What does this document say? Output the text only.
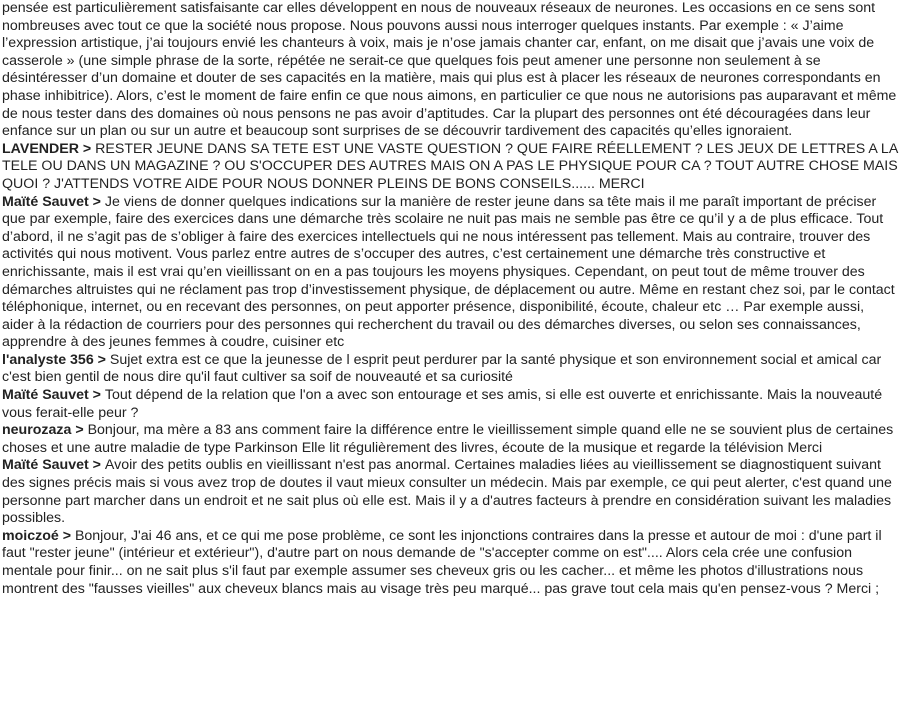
pensée est particulièrement satisfaisante car elles développent en nous de nouveaux réseaux de neurones. Les occasions en ce sens sont nombreuses avec tout ce que la société nous propose. Nous pouvons aussi nous interroger quelques instants. Par exemple : « J’aime l’expression artistique, j’ai toujours envié les chanteurs à voix, mais je n’ose jamais chanter car, enfant, on me disait que j’avais une voix de casserole » (une simple phrase de la sorte, répétée ne serait-ce que quelques fois peut amener une personne non seulement à se désintéresser d’un domaine et douter de ses capacités en la matière, mais qui plus est à placer les réseaux de neurones correspondants en phase inhibitrice). Alors, c’est le moment de faire enfin ce que nous aimons, en particulier ce que nous ne autorisions pas auparavant et même de nous tester dans des domaines où nous pensons ne pas avoir d’aptitudes. Car la plupart des personnes ont été découragées dans leur enfance sur un plan ou sur un autre et beaucoup sont surprises de se découvrir tardivement des capacités qu’elles ignoraient.

LAVENDER > RESTER JEUNE DANS SA TETE EST UNE VASTE QUESTION ? QUE FAIRE RÉELLEMENT ? LES JEUX DE LETTRES A LA TELE OU DANS UN MAGAZINE ? OU S'OCCUPER DES AUTRES MAIS ON A PAS LE PHYSIQUE POUR CA ? TOUT AUTRE CHOSE MAIS QUOI ? J'ATTENDS VOTRE AIDE POUR NOUS DONNER PLEINS DE BONS CONSEILS...... MERCI

Maïté Sauvet > Je viens de donner quelques indications sur la manière de rester jeune dans sa tête mais il me paraît important de préciser que par exemple, faire des exercices dans une démarche très scolaire ne nuit pas mais ne semble pas être ce qu’il y a de plus efficace. Tout d’abord, il ne s’agit pas de s’obliger à faire des exercices intellectuels qui ne nous intéressent pas tellement. Mais au contraire, trouver des activités qui nous motivent. Vous parlez entre autres de s’occuper des autres, c’est certainement une démarche très constructive et enrichissante, mais il est vrai qu’en vieillissant on en a pas toujours les moyens physiques. Cependant, on peut tout de même trouver des démarches altruistes qui ne réclament pas trop d’investissement physique, de déplacement ou autre. Même en restant chez soi, par le contact téléphonique, internet, ou en recevant des personnes, on peut apporter présence, disponibilité, écoute, chaleur etc … Par exemple aussi, aider à la rédaction de courriers pour des personnes qui recherchent du travail ou des démarches diverses, ou selon ses connaissances, apprendre à des jeunes femmes à coudre, cuisiner etc

l'analyste 356 > Sujet extra est ce que la jeunesse de l esprit peut perdurer par la santé physique et son environnement social et amical car c'est bien gentil de nous dire qu'il faut cultiver sa soif de nouveauté et sa curiosité

Maïté Sauvet > Tout dépend de la relation que l'on a avec son entourage et ses amis, si elle est ouverte et enrichissante. Mais la nouveauté vous ferait-elle peur ?

neurozaza > Bonjour, ma mère a 83 ans comment faire la différence entre le vieillissement simple quand elle ne se souvient plus de certaines choses et une autre maladie de type Parkinson Elle lit régulièrement des livres, écoute de la musique et regarde la télévision Merci

Maïté Sauvet > Avoir des petits oublis en vieillissant n'est pas anormal. Certaines maladies liées au vieillissement se diagnostiquent suivant des signes précis mais si vous avez trop de doutes il vaut mieux consulter un médecin. Mais par exemple, ce qui peut alerter, c'est quand une personne part marcher dans un endroit et ne sait plus où elle est. Mais il y a d'autres facteurs à prendre en considération suivant les maladies possibles.

moiczoé > Bonjour, J'ai 46 ans, et ce qui me pose problème, ce sont les injonctions contraires dans la presse et autour de moi : d'une part il faut "rester jeune" (intérieur et extérieur"), d'autre part on nous demande de "s'accepter comme on est".... Alors cela crée une confusion mentale pour finir... on ne sait plus s'il faut par exemple assumer ses cheveux gris ou les cacher... et même les photos d'illustrations nous montrent des "fausses vieilles" aux cheveux blancs mais au visage très peu marqué... pas grave tout cela mais qu'en pensez-vous ? Merci ;
